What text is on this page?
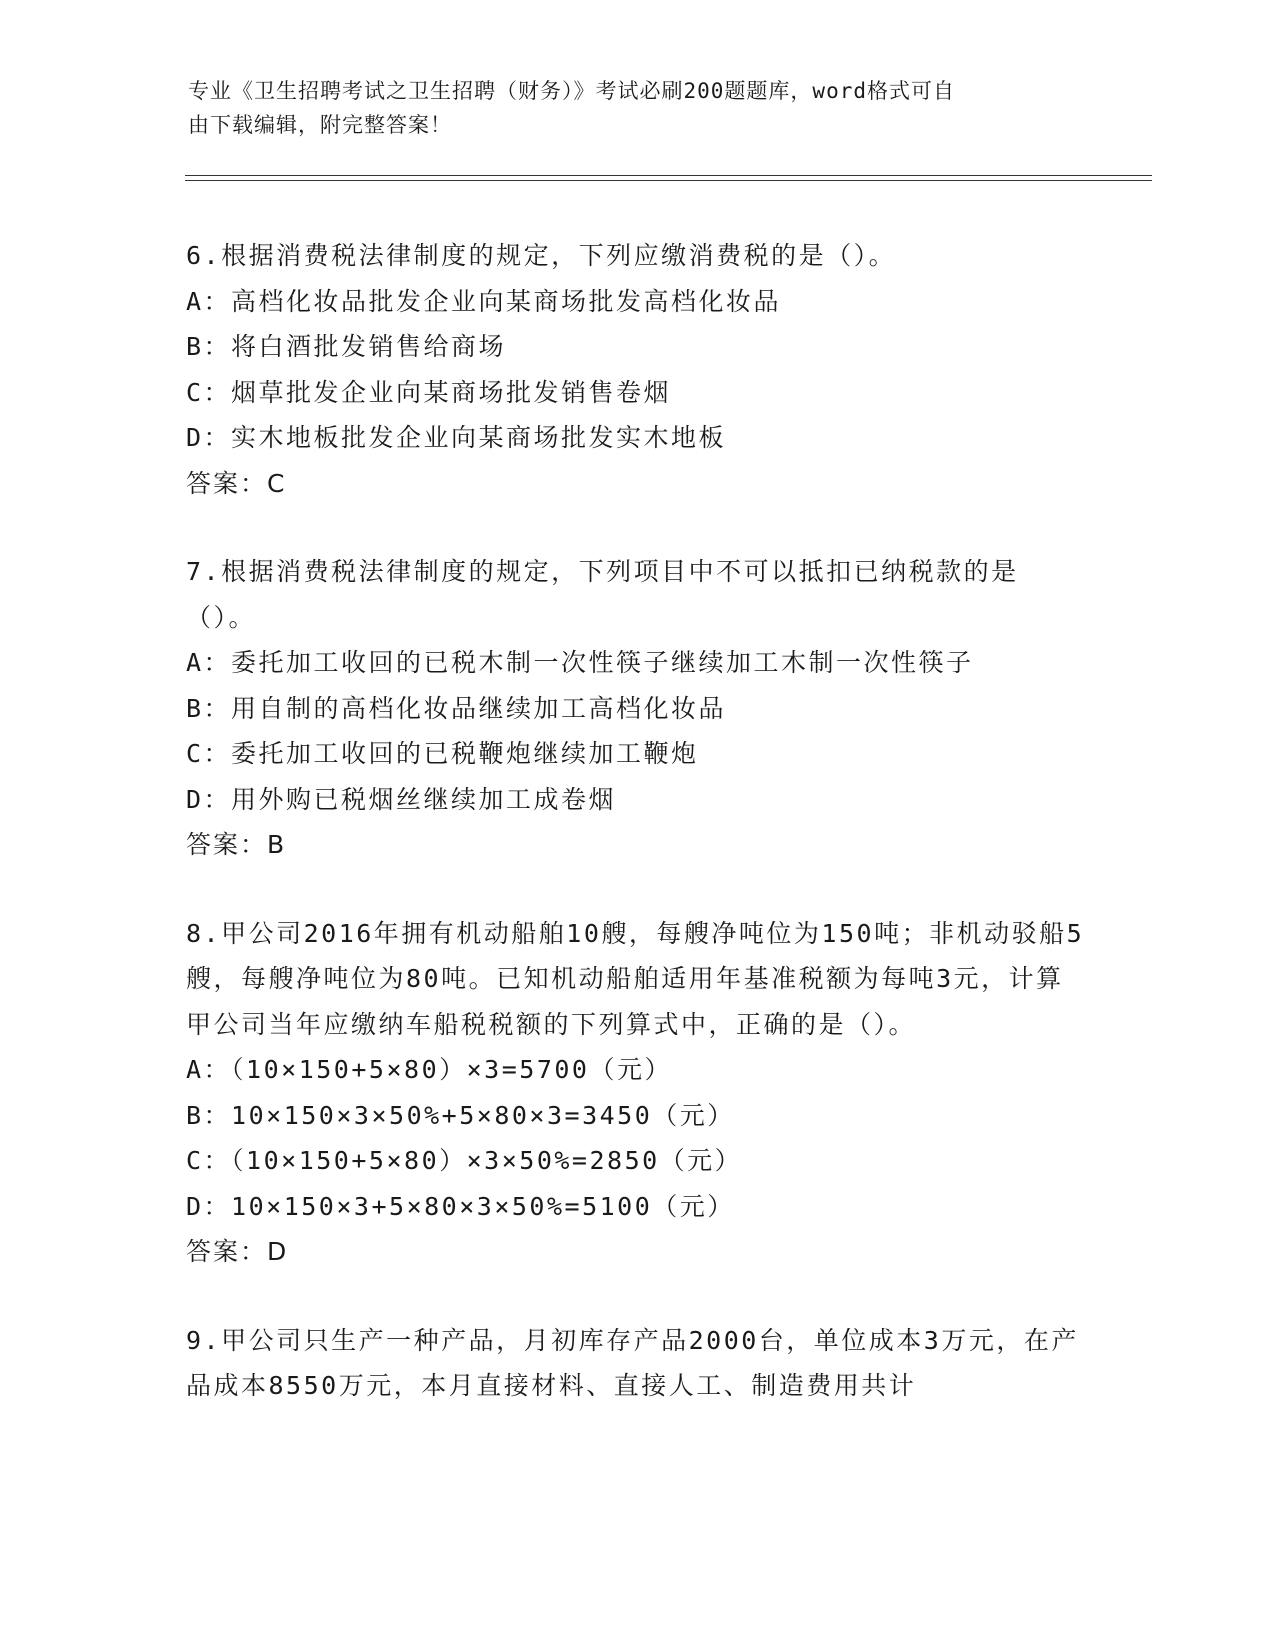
专业《卫生招聘考试之卫生招聘（财务）》考试必刷200题题库，word格式可自
由下载编辑，附完整答案！

6.根据消费税法律制度的规定，下列应缴消费税的是（）。

A：高档化妆品批发企业向某商场批发高档化妆品

B：将白酒批发销售给商场

C：烟草批发企业向某商场批发销售卷烟

D：实木地板批发企业向某商场批发实木地板

答案：C

7.根据消费税法律制度的规定，下列项目中不可以抵扣已纳税款的是（）。

A：委托加工收回的已税木制一次性筷子继续加工木制一次性筷子

B：用自制的高档化妆品继续加工高档化妆品

C：委托加工收回的已税鞭炮继续加工鞭炮

D：用外购已税烟丝继续加工成卷烟

答案：B

8.甲公司2016年拥有机动船舶10艘，每艘净吨位为150吨；非机动驳船5艘，每艘净吨位为80吨。已知机动船舶适用年基准税额为每吨3元，计算甲公司当年应缴纳车船税税额的下列算式中，正确的是（）。

A：（10×150+5×80）×3=5700（元）

B：10×150×3×50%+5×80×3=3450（元）

C：（10×150+5×80）×3×50%=2850（元）

D：10×150×3+5×80×3×50%=5100（元）

答案：D

9.甲公司只生产一种产品，月初库存产品2000台，单位成本3万元，在产品成本8550万元，本月直接材料、直接人工、制造费用共计
